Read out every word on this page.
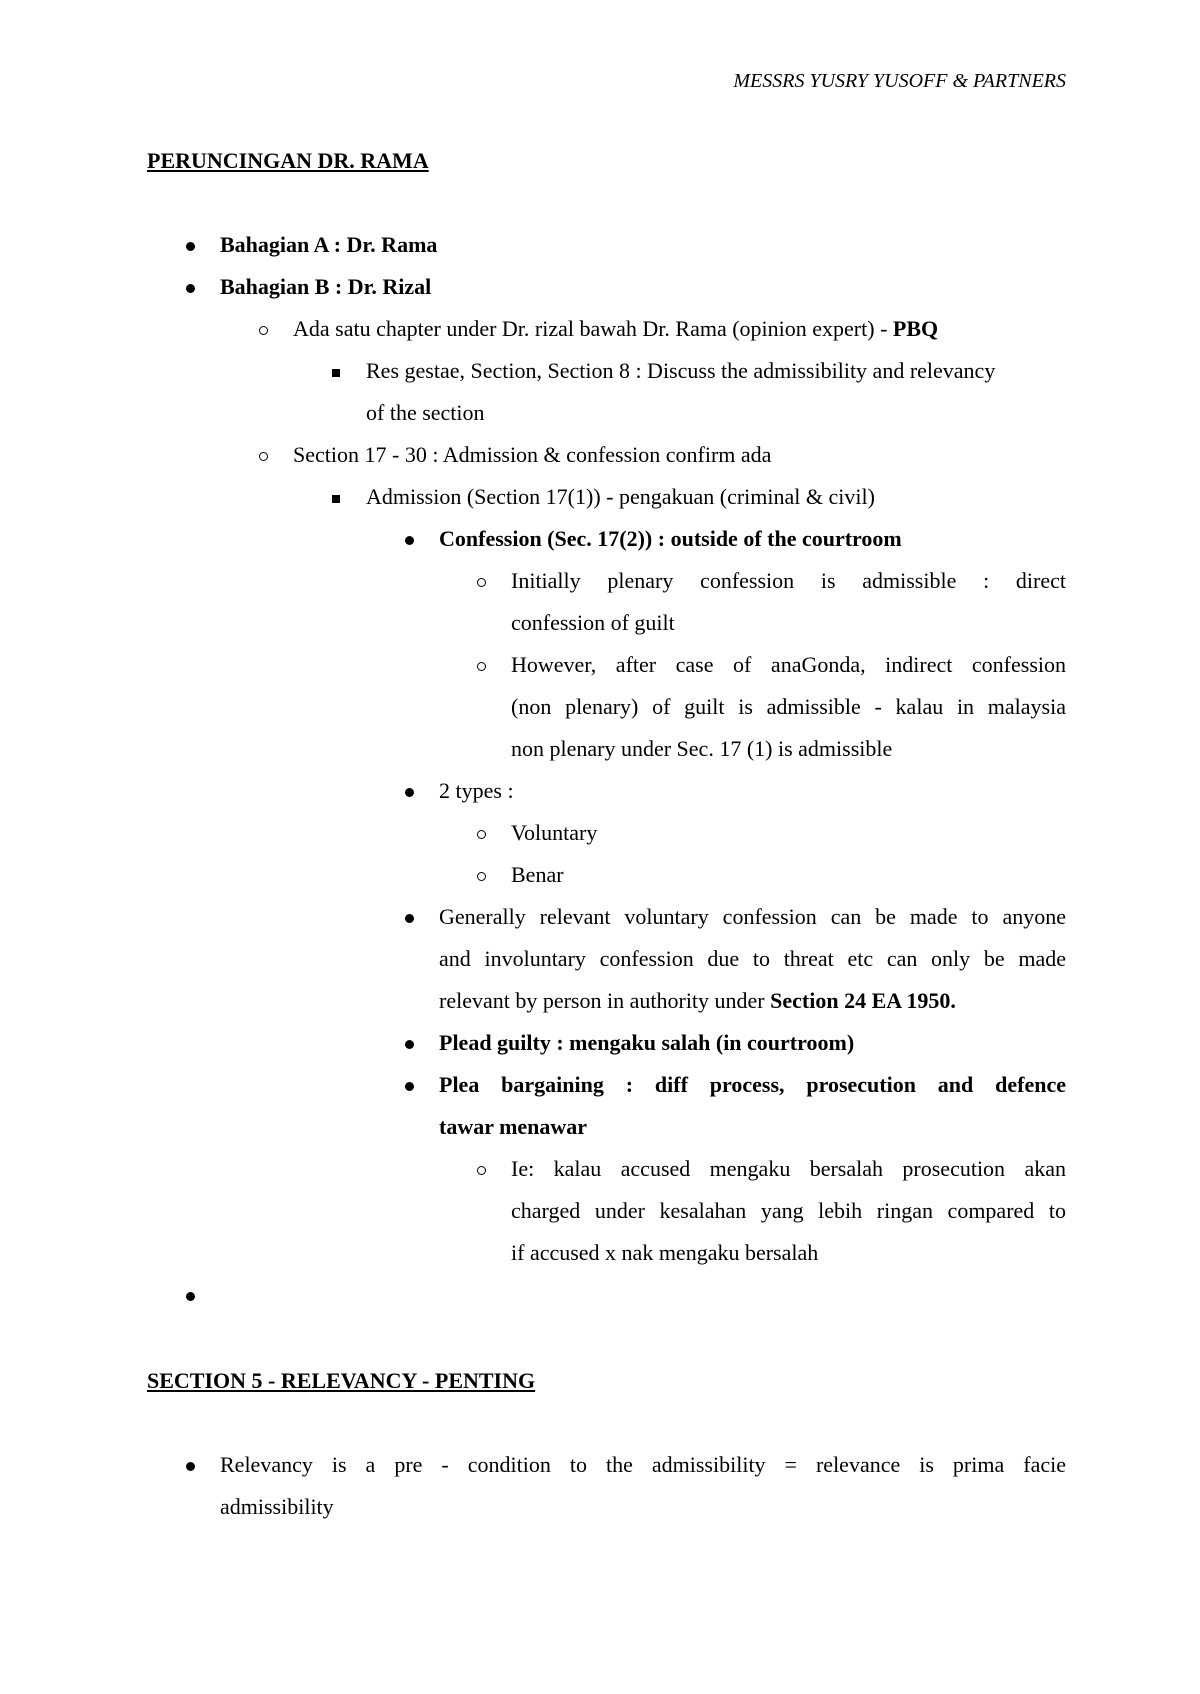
MESSRS YUSRY YUSOFF & PARTNERS
PERUNCINGAN DR. RAMA
Bahagian A : Dr. Rama
Bahagian B : Dr. Rizal
Ada satu chapter under Dr. rizal bawah Dr. Rama (opinion expert) - PBQ
Res gestae, Section, Section 8 : Discuss the admissibility and relevancy
of the section
Section 17 - 30 : Admission & confession confirm ada
Admission (Section 17(1)) - pengakuan (criminal & civil)
Confession (Sec. 17(2)) : outside of the courtroom
Initially plenary confession is admissible : direct
confession of guilt
However, after case of anaGonda, indirect confession
(non plenary) of guilt is admissible - kalau in malaysia
non plenary under Sec. 17 (1) is admissible
2 types :
Voluntary
Benar
Generally relevant voluntary confession can be made to anyone
and involuntary confession due to threat etc can only be made
relevant by person in authority under Section 24 EA 1950.
Plead guilty : mengaku salah (in courtroom)
Plea bargaining : diff process, prosecution and defence
tawar menawar
Ie: kalau accused mengaku bersalah prosecution akan
charged under kesalahan yang lebih ringan compared to
if accused x nak mengaku bersalah
SECTION 5 - RELEVANCY - PENTING
Relevancy is a pre - condition to the admissibility = relevance is prima facie
admissibility
